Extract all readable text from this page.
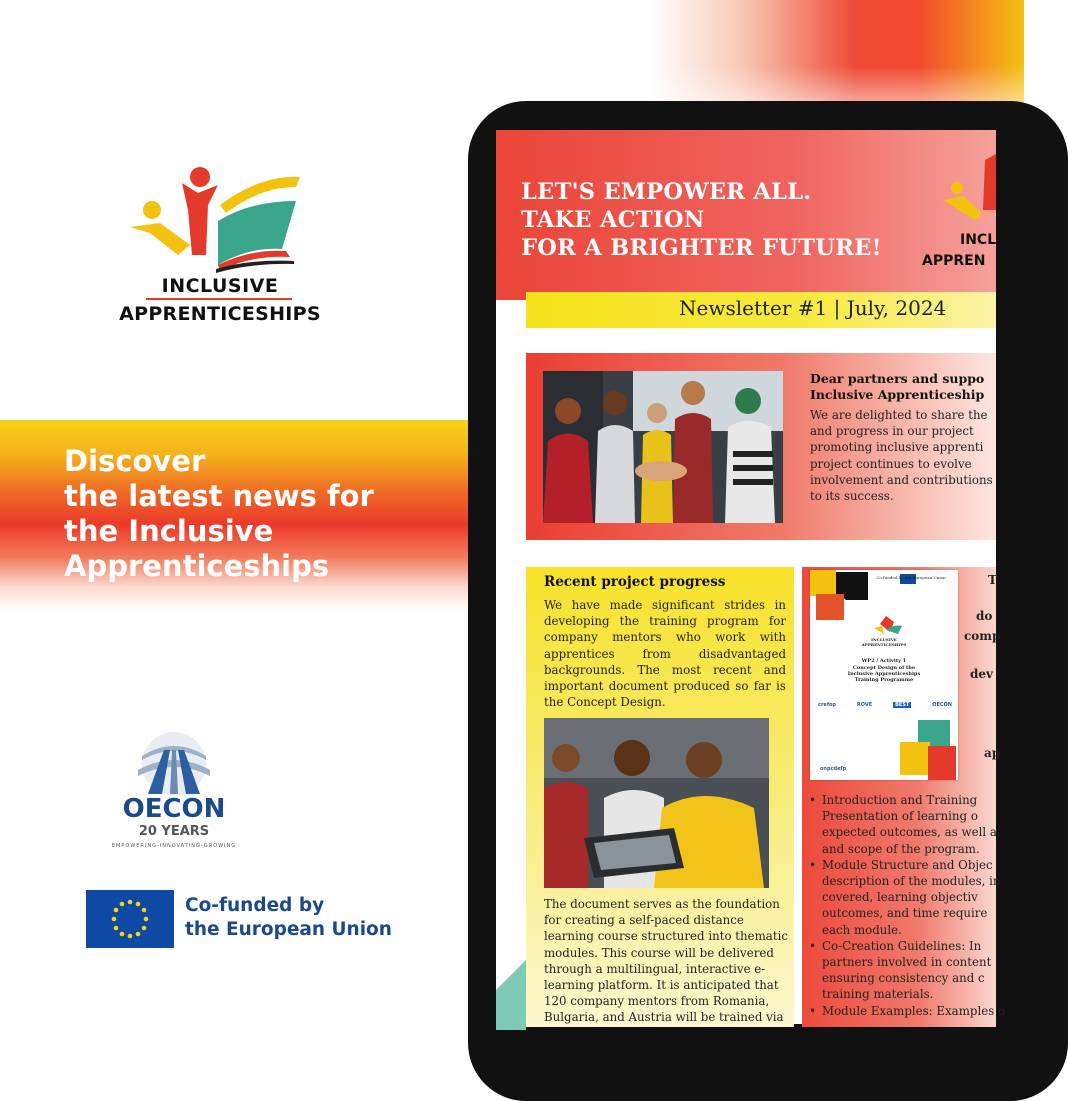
INCLUSIVE
APPRENTICESHIPS
Discover
the latest news for
the Inclusive
Apprenticeships
OECON
20 YEARS
EMPOWERING-INNOVATING-GROWING
Co-funded by
the European Union
LET'S EMPOWER ALL.
TAKE ACTION
FOR A BRIGHTER FUTURE!	INCL
APPREN
Newsletter #1 | July, 2024
Dear partners and suppo
Inclusive Apprenticeship
We are delighted to share the
and progress in our project
promoting inclusive apprenti
project continues to evolve
involvement and contributions
to its success.
Recent project progress
We have made significant strides in
developing the training program for
company mentors who work with
apprentices from disadvantaged
backgrounds. The most recent and
important document produced so far is
the Concept Design.
The document serves as the foundation
for creating a self-paced distance
learning course structured into thematic
modules. This course will be delivered
through a multilingual, interactive e-
learning platform. It is anticipated that
120 company mentors from Romania,
Bulgaria, and Austria will be trained via
Co-funded by the European Union
INCLUSIVE
APPRENTICESHIPS
WP2 / Activity 1
Concept Design of the
Inclusive Apprenticeships
Training Programme
crefop	ROVE	BEST	OECON
onpcdefp
T
do
comp
dev
ap
• Introduction and Training
Presentation of learning o
expected outcomes, as well a
and scope of the program.
• Module Structure and Objec
description of the modules, in
covered, learning objectiv
outcomes, and time require
each module.
• Co-Creation Guidelines: In
partners involved in content
ensuring consistency and c
training materials.
• Module Examples: Examples o
